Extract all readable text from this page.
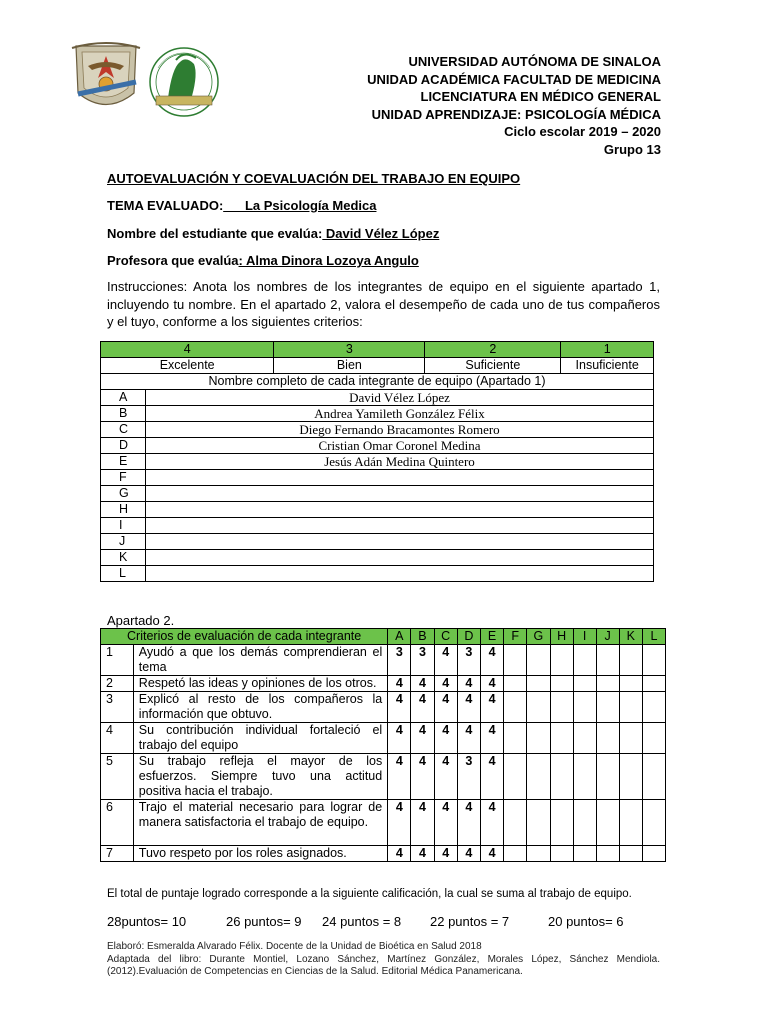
UNIVERSIDAD AUTÓNOMA DE SINALOA
UNIDAD ACADÉMICA FACULTAD DE MEDICINA
LICENCIATURA EN MÉDICO GENERAL
UNIDAD APRENDIZAJE: PSICOLOGÍA MÉDICA
Ciclo escolar 2019 – 2020
Grupo 13
AUTOEVALUACIÓN Y COEVALUACIÓN DEL TRABAJO EN EQUIPO
TEMA EVALUADO:___La Psicología Medica
Nombre del estudiante que evalúa: David Vélez López
Profesora que evalúa: Alma Dinora Lozoya Angulo
Instrucciones: Anota los nombres de los integrantes de equipo en el siguiente apartado 1, incluyendo tu nombre. En el apartado 2, valora el desempeño de cada uno de tus compañeros y el tuyo, conforme a los siguientes criterios:
4		3	2	1
Excelente		Bien	Suficiente	Insuficiente
Nombre completo de cada integrante de equipo (Apartado 1)				
A	David Vélez López			
B	Andrea Yamileth González Félix			
C	Diego Fernando Bracamontes Romero			
D	Cristian Omar Coronel Medina			
E	Jesús Adán Medina Quintero			
F				
G				
H				
I				
J				
K				
L				
Apartado 2.
Criterios de evaluación de cada integrante		A	B	C	D	E	F	G	H	I	J	K	L
1	Ayudó a que los demás comprendieran el tema	3	3	4	3	4							
2	Respetó las ideas y opiniones de los otros.	4	4	4	4	4							
3	Explicó al resto de los compañeros la información que obtuvo.	4	4	4	4	4							
4	Su contribución individual fortaleció el trabajo del equipo	4	4	4	4	4							
5	Su trabajo refleja el mayor de los esfuerzos. Siempre tuvo una actitud positiva hacia el trabajo.	4	4	4	3	4							
6	Trajo el material necesario para lograr de manera satisfactoria el trabajo de equipo.	4	4	4	4	4							
7	Tuvo respeto por los roles asignados.	4	4	4	4	4							
El total de puntaje logrado corresponde a la siguiente calificación, la cual se suma al trabajo de equipo.
28puntos= 10	26 puntos= 9 24 puntos = 8 22 puntos = 7	20 puntos= 6
Elaboró: Esmeralda Alvarado Félix. Docente de la Unidad de Bioética en Salud 2018
Adaptada del libro: Durante Montiel, Lozano Sánchez, Martínez González, Morales López, Sánchez Mendiola. (2012).Evaluación de Competencias en Ciencias de la Salud. Editorial Médica Panamericana.
